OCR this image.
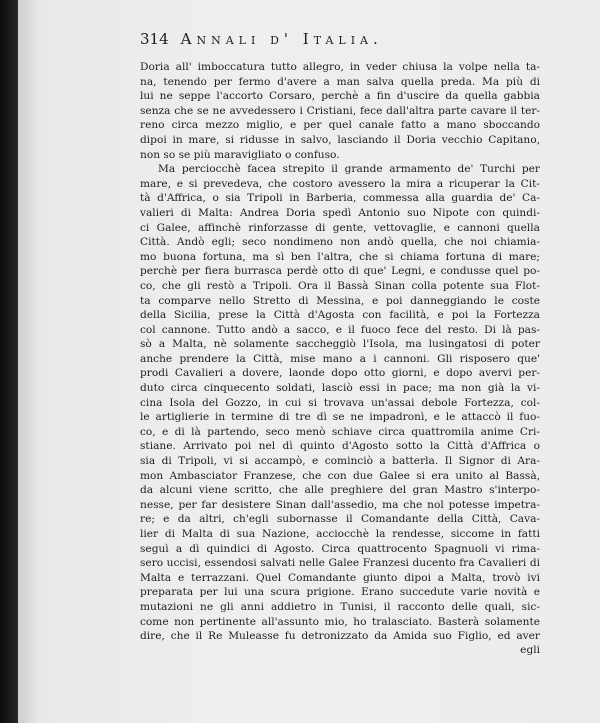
314 Annali d' Italia.
Doria all' imboccatura tutto allegro, in veder chiusa la volpe nella ta-
na, tenendo per fermo d'avere a man salva quella preda. Ma più di
lui ne seppe l'accorto Corsaro, perchè a fin d'uscire da quella gabbia
senza che se ne avvedessero i Cristiani, fece dall'altra parte cavare il ter-
reno circa mezzo miglio, e per quel canale fatto a mano sboccando
dipoi in mare, si ridusse in salvo, lasciando il Doria vecchio Capitano,
non so se più maravigliato o confuso.
Ma perciocchè facea strepito il grande armamento de' Turchi per
mare, e si prevedeva, che costoro avessero la mira a ricuperar la Cit-
tà d'Affrica, o sia Tripoli in Barberia, commessa alla guardia de' Ca-
valieri di Malta: Andrea Doria spedì Antonio suo Nipote con quindi-
ci Galee, affinchè rinforzasse di gente, vettovaglie, e cannoni quella
Città. Andò egli; seco nondimeno non andò quella, che noi chiamia-
mo buona fortuna, ma sì ben l'altra, che si chiama fortuna di mare;
perchè per fiera burrasca perdè otto di que' Legni, e condusse quel po-
co, che gli restò a Tripoli. Ora il Bassà Sinan colla potente sua Flot-
ta comparve nello Stretto di Messina, e poi danneggiando le coste
della Sicilia, prese la Città d'Agosta con facilità, e poi la Fortezza
col cannone. Tutto andò a sacco, e il fuoco fece del resto. Di là pas-
sò a Malta, nè solamente saccheggiò l'Isola, ma lusingatosi di poter
anche prendere la Città, mise mano a i cannoni. Gli risposero que'
prodi Cavalieri a dovere, laonde dopo otto giorni, e dopo avervi per-
duto circa cinquecento soldati, lasciò essi in pace; ma non già la vi-
cina Isola del Gozzo, in cui si trovava un'assai debole Fortezza, col-
le artiglierie in termine di tre dì se ne impadronì, e le attaccò il fuo-
co, e di là partendo, seco menò schiave circa quattromila anime Cri-
stiane. Arrivato poi nel dì quinto d'Agosto sotto la Città d'Affrica o
sia di Tripoli, vi si accampò, e cominciò a batterla. Il Signor di Ara-
mon Ambasciator Franzese, che con due Galee si era unito al Bassà,
da alcuni viene scritto, che alle preghiere del gran Mastro s'interpo-
nesse, per far desistere Sinan dall'assedio, ma che nol potesse impetra-
re; e da altri, ch'egli subornasse il Comandante della Città, Cava-
lier di Malta di sua Nazione, acciocchè la rendesse, siccome in fatti
seguì a dì quindici di Agosto. Circa quattrocento Spagnuoli vi rima-
sero uccisi, essendosi salvati nelle Galee Franzesi ducento fra Cavalieri di
Malta e terrazzani. Quel Comandante giunto dipoi a Malta, trovò ivi
preparata per lui una scura prigione. Erano succedute varie novità e
mutazioni ne gli anni addietro in Tunisi, il racconto delle quali, sic-
come non pertinente all'assunto mio, ho tralasciato. Basterà solamente
dire, che il Re Muleasse fu detronizzato da Amida suo Figlio, ed aver
egli
